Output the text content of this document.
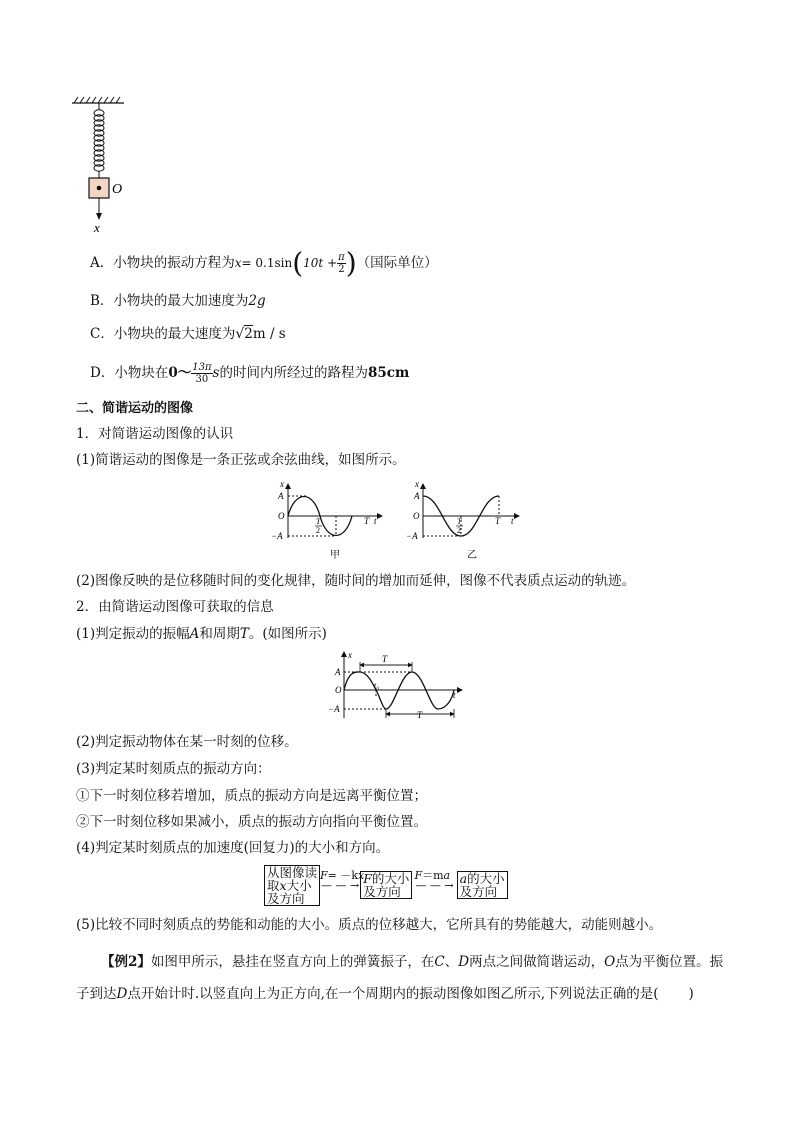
O
x
A．小物块的振动方程为$x= 0.1\sin(10t + \frac{\pi}{2}$ )（国际单位）
B．小物块的最大加速度为2g
C．小物块的最大速度为√2m / s
D．小物块在0～ $\frac{13\pi}{30}$ s的时间内所经过的路程为85cm
二、简谐运动的图像
1．对简谐运动图像的认识
(1)简谐运动的图像是一条正弦或余弦曲线，如图所示。
x
A
O
−A
T
2
T t
甲
x
A
O
−A
T
2
T t
乙
(2)图像反映的是位移随时间的变化规律，随时间的增加而延伸，图像不代表质点运动的轨迹。
2．由简谐运动图像可获取的信息
(1)判定振动的振幅A和周期T。(如图所示)
x
A
O
−A
T
T
t₀
t
(2)判定振动物体在某一时刻的位移。
(3)判定某时刻质点的振动方向：
①下一时刻位移若增加，质点的振动方向是远离平衡位置；
②下一时刻位移如果减小，质点的振动方向指向平衡位置。
(4)判定某时刻质点的加速度(回复力)的大小和方向。
从图像读
取x大小
及方向
F= －kx
— — → F的大小
及方向
F＝ma
— — → a的大小
及方向
(5)比较不同时刻质点的势能和动能的大小。质点的位移越大，它所具有的势能越大，动能则越小。
【例2】如图甲所示，悬挂在竖直方向上的弹簧振子，在C、D两点之间做简谐运动，O点为平衡位置。振
子到达D点开始计时.以竖直向上为正方向,在一个周期内的振动图像如图乙所示,下列说法正确的是( )
